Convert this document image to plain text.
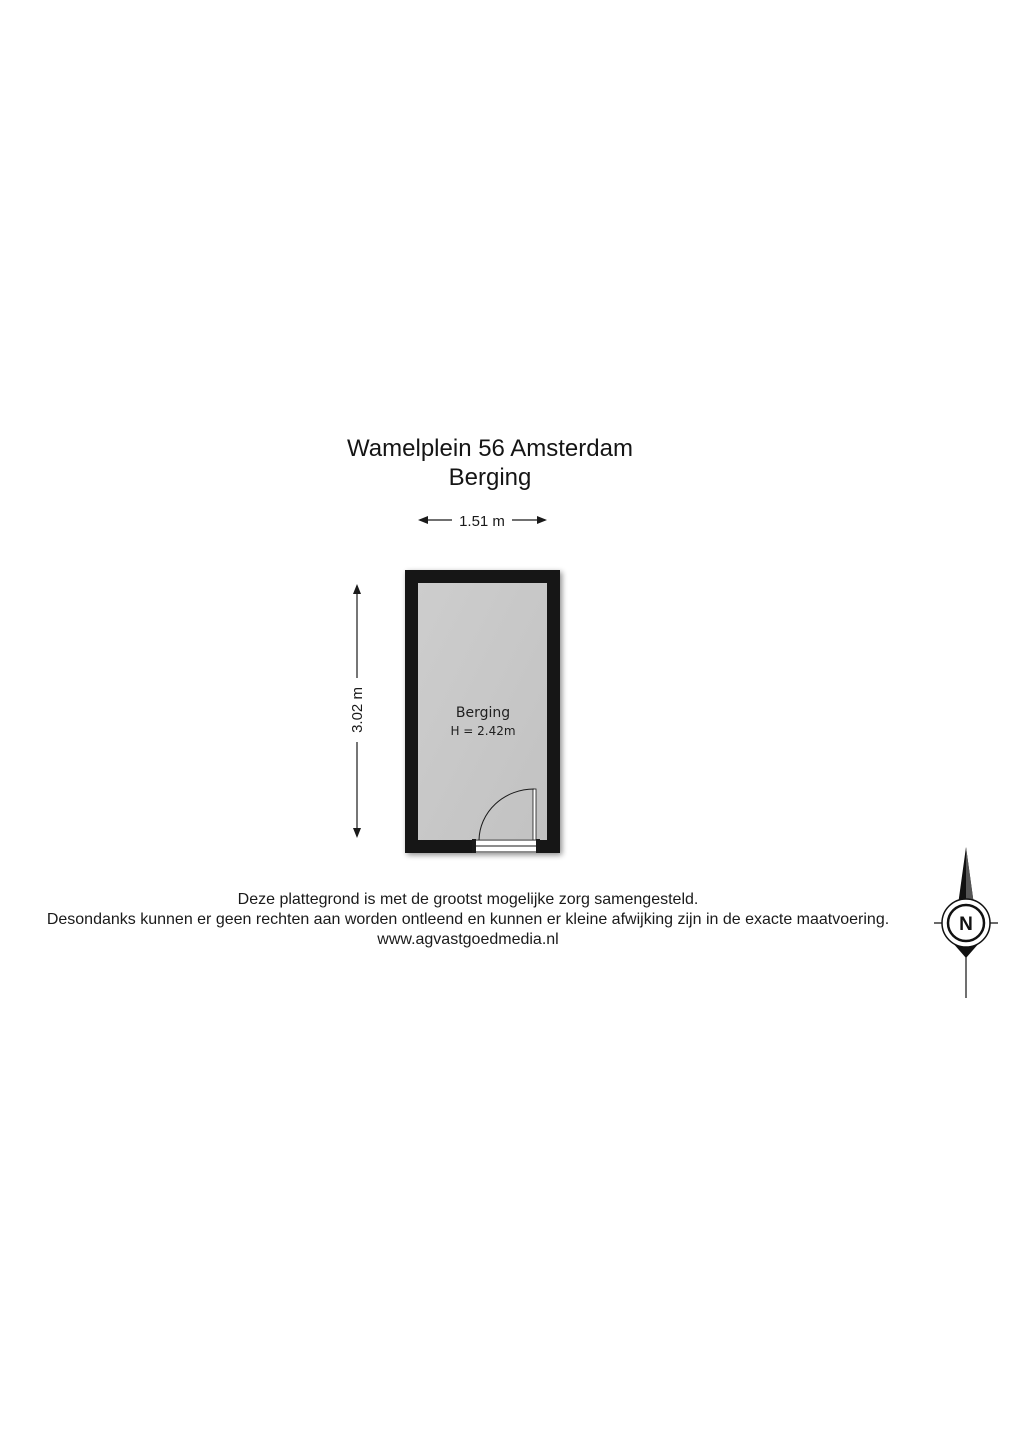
Wamelplein 56 Amsterdam
Berging
1.51 m
3.02 m	Berging
H = 2.42m
N
Deze plattegrond is met de grootst mogelijke zorg samengesteld.
Desondanks kunnen er geen rechten aan worden ontleend en kunnen er kleine afwijking zijn in de exacte maatvoering.
www.agvastgoedmedia.nl
